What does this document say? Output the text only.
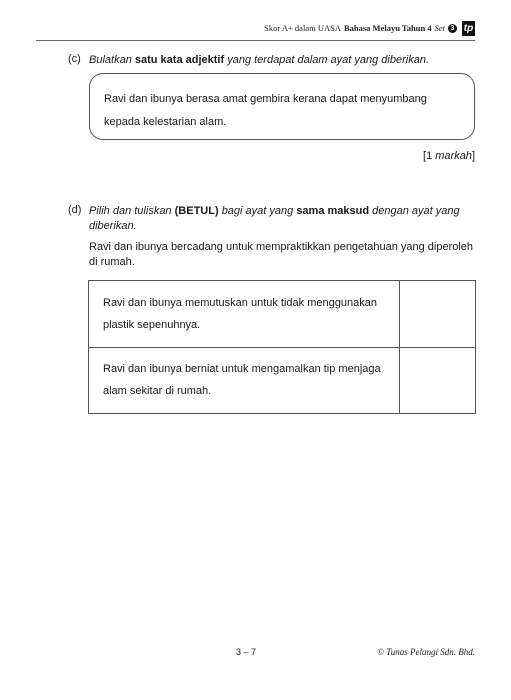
Skor A+ dalam UASA Bahasa Melayu Tahun 4 Set 3 tp
(c) Bulatkan satu kata adjektif yang terdapat dalam ayat yang diberikan.
Ravi dan ibunya berasa amat gembira kerana dapat menyumbang kepada kelestarian alam.
[1 markah]
(d) Pilih dan tuliskan (BETUL) bagi ayat yang sama maksud dengan ayat yang diberikan.
Ravi dan ibunya bercadang untuk mempraktikkan pengetahuan yang diperoleh di rumah.
Ravi dan ibunya memutuskan untuk tidak menggunakan plastik sepenuhnya.	
Ravi dan ibunya berniat untuk mengamalkan tip menjaga alam sekitar di rumah.	
3 – 7	© Tunas Pelangi Sdn. Bhd.
